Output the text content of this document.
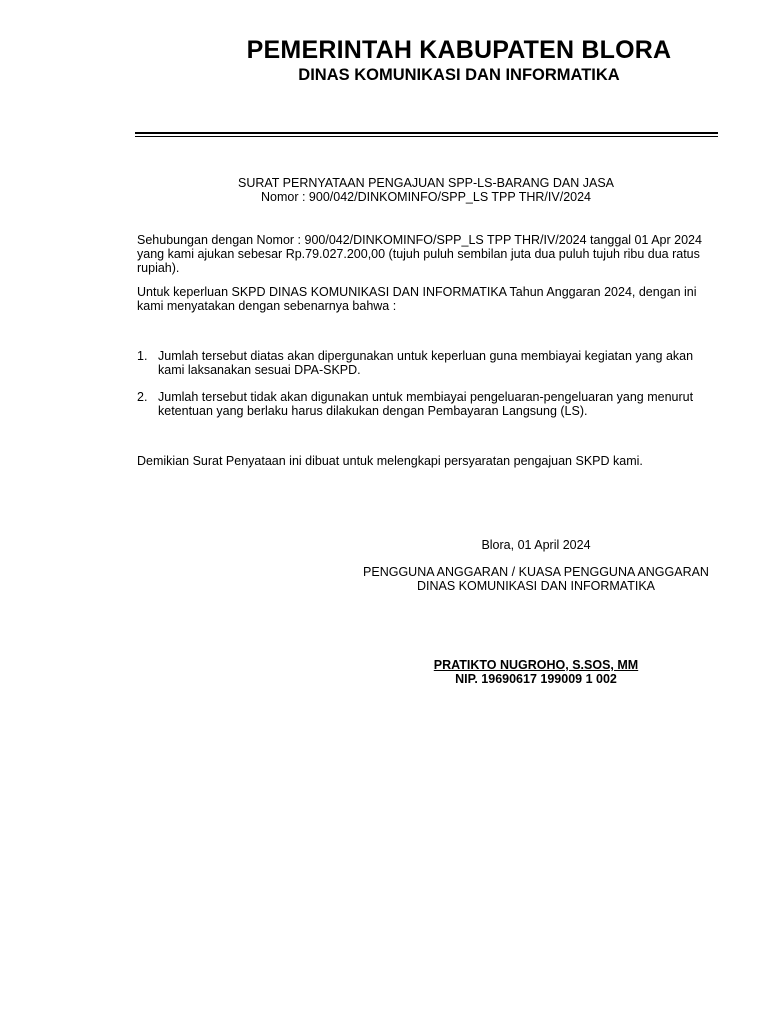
PEMERINTAH KABUPATEN BLORA
DINAS KOMUNIKASI DAN INFORMATIKA
SURAT PERNYATAAN PENGAJUAN SPP-LS-BARANG DAN JASA
Nomor : 900/042/DINKOMINFO/SPP_LS TPP THR/IV/2024
Sehubungan dengan Nomor : 900/042/DINKOMINFO/SPP_LS TPP THR/IV/2024 tanggal 01 Apr 2024 yang kami ajukan sebesar Rp.79.027.200,00 (tujuh puluh sembilan juta dua puluh tujuh ribu dua ratus rupiah).
Untuk keperluan SKPD DINAS KOMUNIKASI DAN INFORMATIKA Tahun Anggaran 2024, dengan ini kami menyatakan dengan sebenarnya bahwa :
1. Jumlah tersebut diatas akan dipergunakan untuk keperluan guna membiayai kegiatan yang akan kami laksanakan sesuai DPA-SKPD.
2. Jumlah tersebut tidak akan digunakan untuk membiayai pengeluaran-pengeluaran yang menurut ketentuan yang berlaku harus dilakukan dengan Pembayaran Langsung (LS).
Demikian Surat Penyataan ini dibuat untuk melengkapi persyaratan pengajuan SKPD kami.
Blora, 01 April 2024
PENGGUNA ANGGARAN / KUASA PENGGUNA ANGGARAN
DINAS KOMUNIKASI DAN INFORMATIKA
PRATIKTO NUGROHO, S.SOS, MM
NIP. 19690617 199009 1 002
